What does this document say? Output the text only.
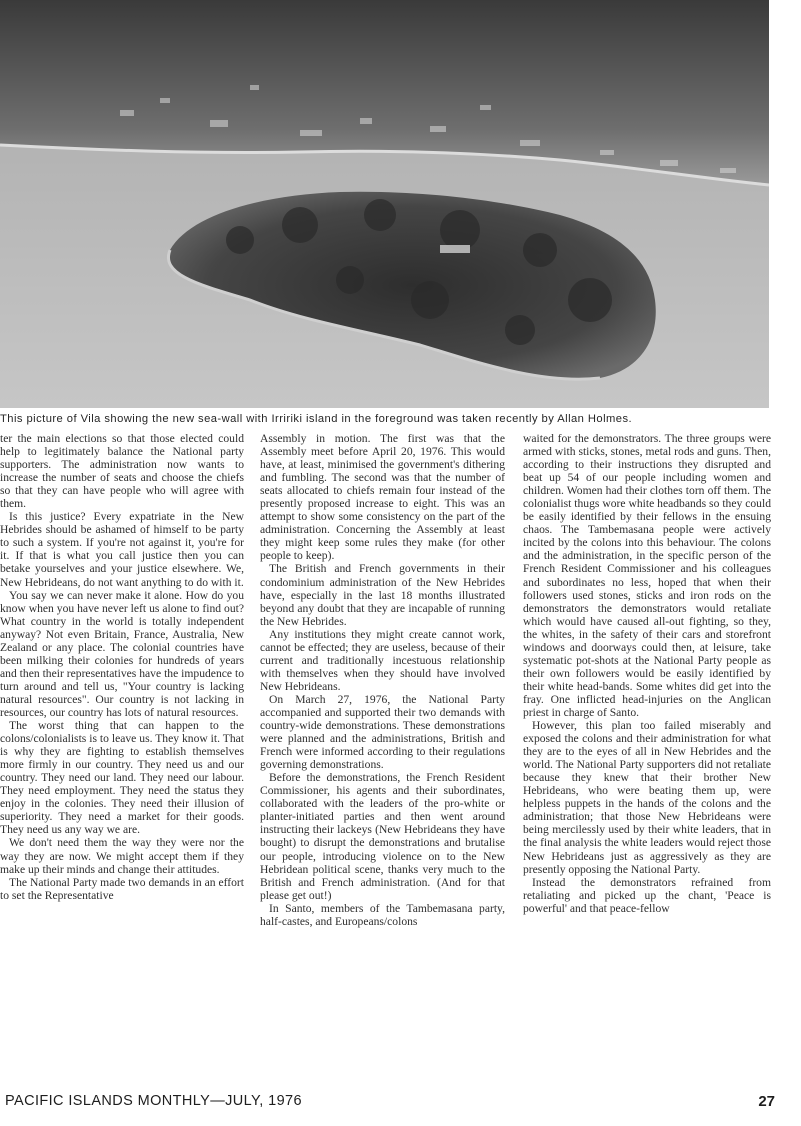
This picture of Vila showing the new sea-wall with Irririki island in the foreground was taken recently by Allan Holmes.

ter the main elections so that those elected could help to legitimately balance the National party supporters. The administration now wants to increase the number of seats and choose the chiefs so that they can have people who will agree with them.

Is this justice? Every expatriate in the New Hebrides should be ashamed of himself to be party to such a system. If you're not against it, you're for it. If that is what you call justice then you can betake yourselves and your justice elsewhere. We, New Hebrideans, do not want anything to do with it.

You say we can never make it alone. How do you know when you have never left us alone to find out? What country in the world is totally independent anyway? Not even Britain, France, Australia, New Zealand or any place. The colonial countries have been milking their colonies for hundreds of years and then their representatives have the impudence to turn around and tell us, "Your country is lacking natural resources". Our country is not lacking in resources, our country has lots of natural resources.

The worst thing that can happen to the colons/colonialists is to leave us. They know it. That is why they are fighting to establish themselves more firmly in our country. They need us and our country. They need our land. They need our labour. They need employment. They need the status they enjoy in the colonies. They need their illusion of superiority. They need a market for their goods. They need us any way we are.

We don't need them the way they were nor the way they are now. We might accept them if they make up their minds and change their attitudes.

The National Party made two demands in an effort to set the Representative

Assembly in motion. The first was that the Assembly meet before April 20, 1976. This would have, at least, minimised the government's dithering and fumbling. The second was that the number of seats allocated to chiefs remain four instead of the presently proposed increase to eight. This was an attempt to show some consistency on the part of the administration. Concerning the Assembly at least they might keep some rules they make (for other people to keep).

The British and French governments in their condominium administration of the New Hebrides have, especially in the last 18 months illustrated beyond any doubt that they are incapable of running the New Hebrides.

Any institutions they might create cannot work, cannot be effected; they are useless, because of their current and traditionally incestuous relationship with themselves when they should have involved New Hebrideans.

On March 27, 1976, the National Party accompanied and supported their two demands with country-wide demonstrations. These demonstrations were planned and the administrations, British and French were informed according to their regulations governing demonstrations.

Before the demonstrations, the French Resident Commissioner, his agents and their subordinates, collaborated with the leaders of the pro-white or planter-initiated parties and then went around instructing their lackeys (New Hebrideans they have bought) to disrupt the demonstrations and brutalise our people, introducing violence on to the New Hebridean political scene, thanks very much to the British and French administration. (And for that please get out!)

In Santo, members of the Tambemasana party, half-castes, and Europeans/colons

waited for the demonstrators. The three groups were armed with sticks, stones, metal rods and guns. Then, according to their instructions they disrupted and beat up 54 of our people including women and children. Women had their clothes torn off them. The colonialist thugs wore white headbands so they could be easily identified by their fellows in the ensuing chaos. The Tambemasana people were actively incited by the colons into this behaviour. The colons and the administration, in the specific person of the French Resident Commissioner and his colleagues and subordinates no less, hoped that when their followers used stones, sticks and iron rods on the demonstrators the demonstrators would retaliate which would have caused all-out fighting, so they, the whites, in the safety of their cars and storefront windows and doorways could then, at leisure, take systematic pot-shots at the National Party people as their own followers would be easily identified by their white head-bands. Some whites did get into the fray. One inflicted head-injuries on the Anglican priest in charge of Santo.

However, this plan too failed miserably and exposed the colons and their administration for what they are to the eyes of all in New Hebrides and the world. The National Party supporters did not retaliate because they knew that their brother New Hebrideans, who were beating them up, were helpless puppets in the hands of the colons and the administration; that those New Hebrideans were being mercilessly used by their white leaders, that in the final analysis the white leaders would reject those New Hebrideans just as aggressively as they are presently opposing the National Party.

Instead the demonstrators refrained from retaliating and picked up the chant, 'Peace is powerful' and that peace-fellow

PACIFIC ISLANDS MONTHLY—JULY, 1976	27
